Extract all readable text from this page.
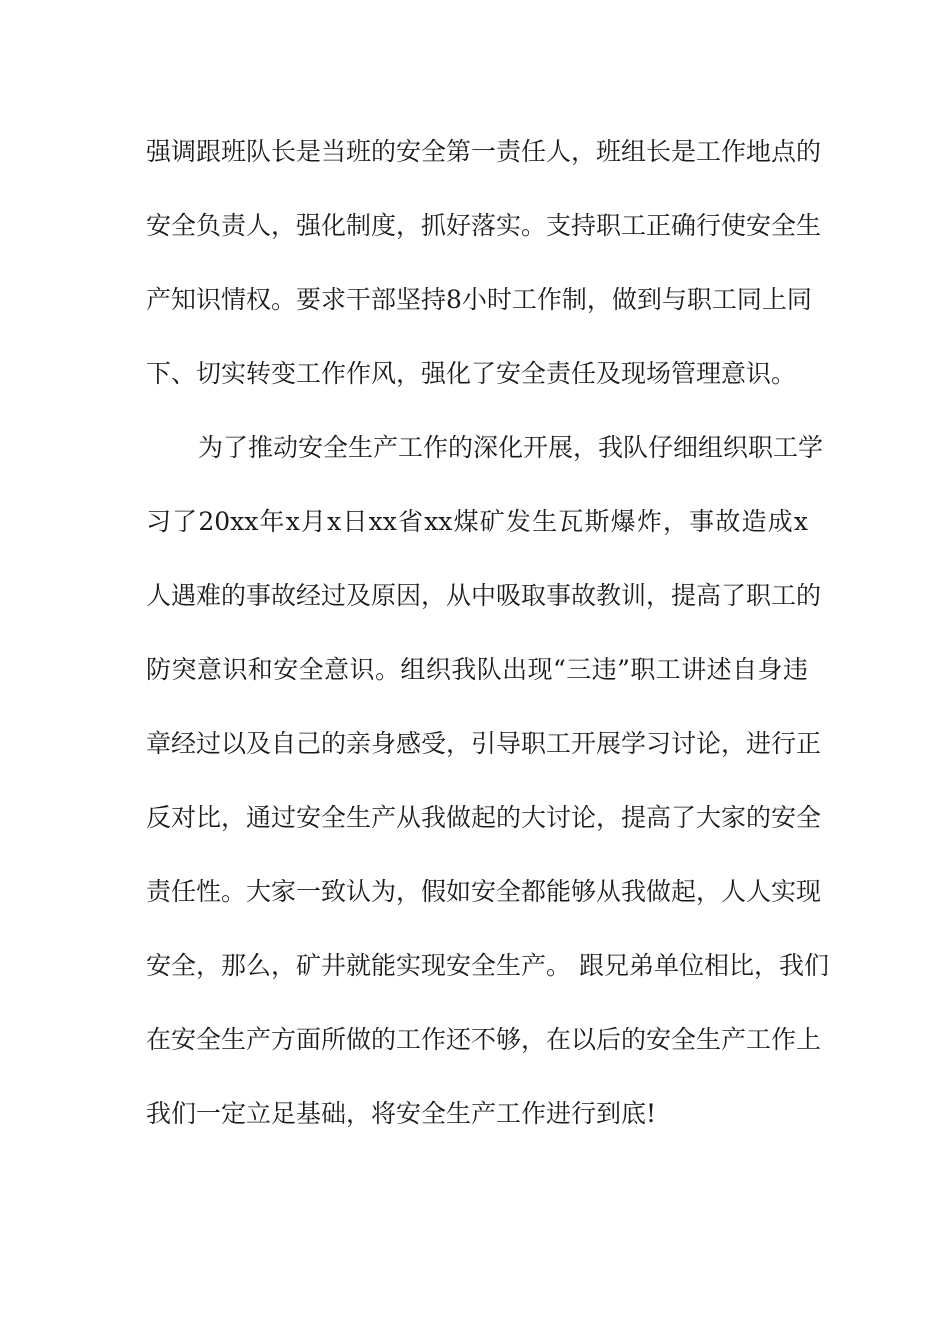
强调跟班队长是当班的安全第一责任人，班组长是工作地点的
安全负责人，强化制度，抓好落实。支持职工正确行使安全生
产知识情权。要求干部坚持8小时工作制，做到与职工同上同
下、切实转变工作作风，强化了安全责任及现场管理意识。
为了推动安全生产工作的深化开展，我队仔细组织职工学
习了20xx年x月x日xx省xx煤矿发生瓦斯爆炸，事故造成x
人遇难的事故经过及原因，从中吸取事故教训，提高了职工的
防突意识和安全意识。组织我队出现“三违”职工讲述自身违
章经过以及自己的亲身感受，引导职工开展学习讨论，进行正
反对比，通过安全生产从我做起的大讨论，提高了大家的安全
责任性。大家一致认为，假如安全都能够从我做起，人人实现
安全，那么，矿井就能实现安全生产。 跟兄弟单位相比，我们
在安全生产方面所做的工作还不够，在以后的安全生产工作上
我们一定立足基础，将安全生产工作进行到底!
